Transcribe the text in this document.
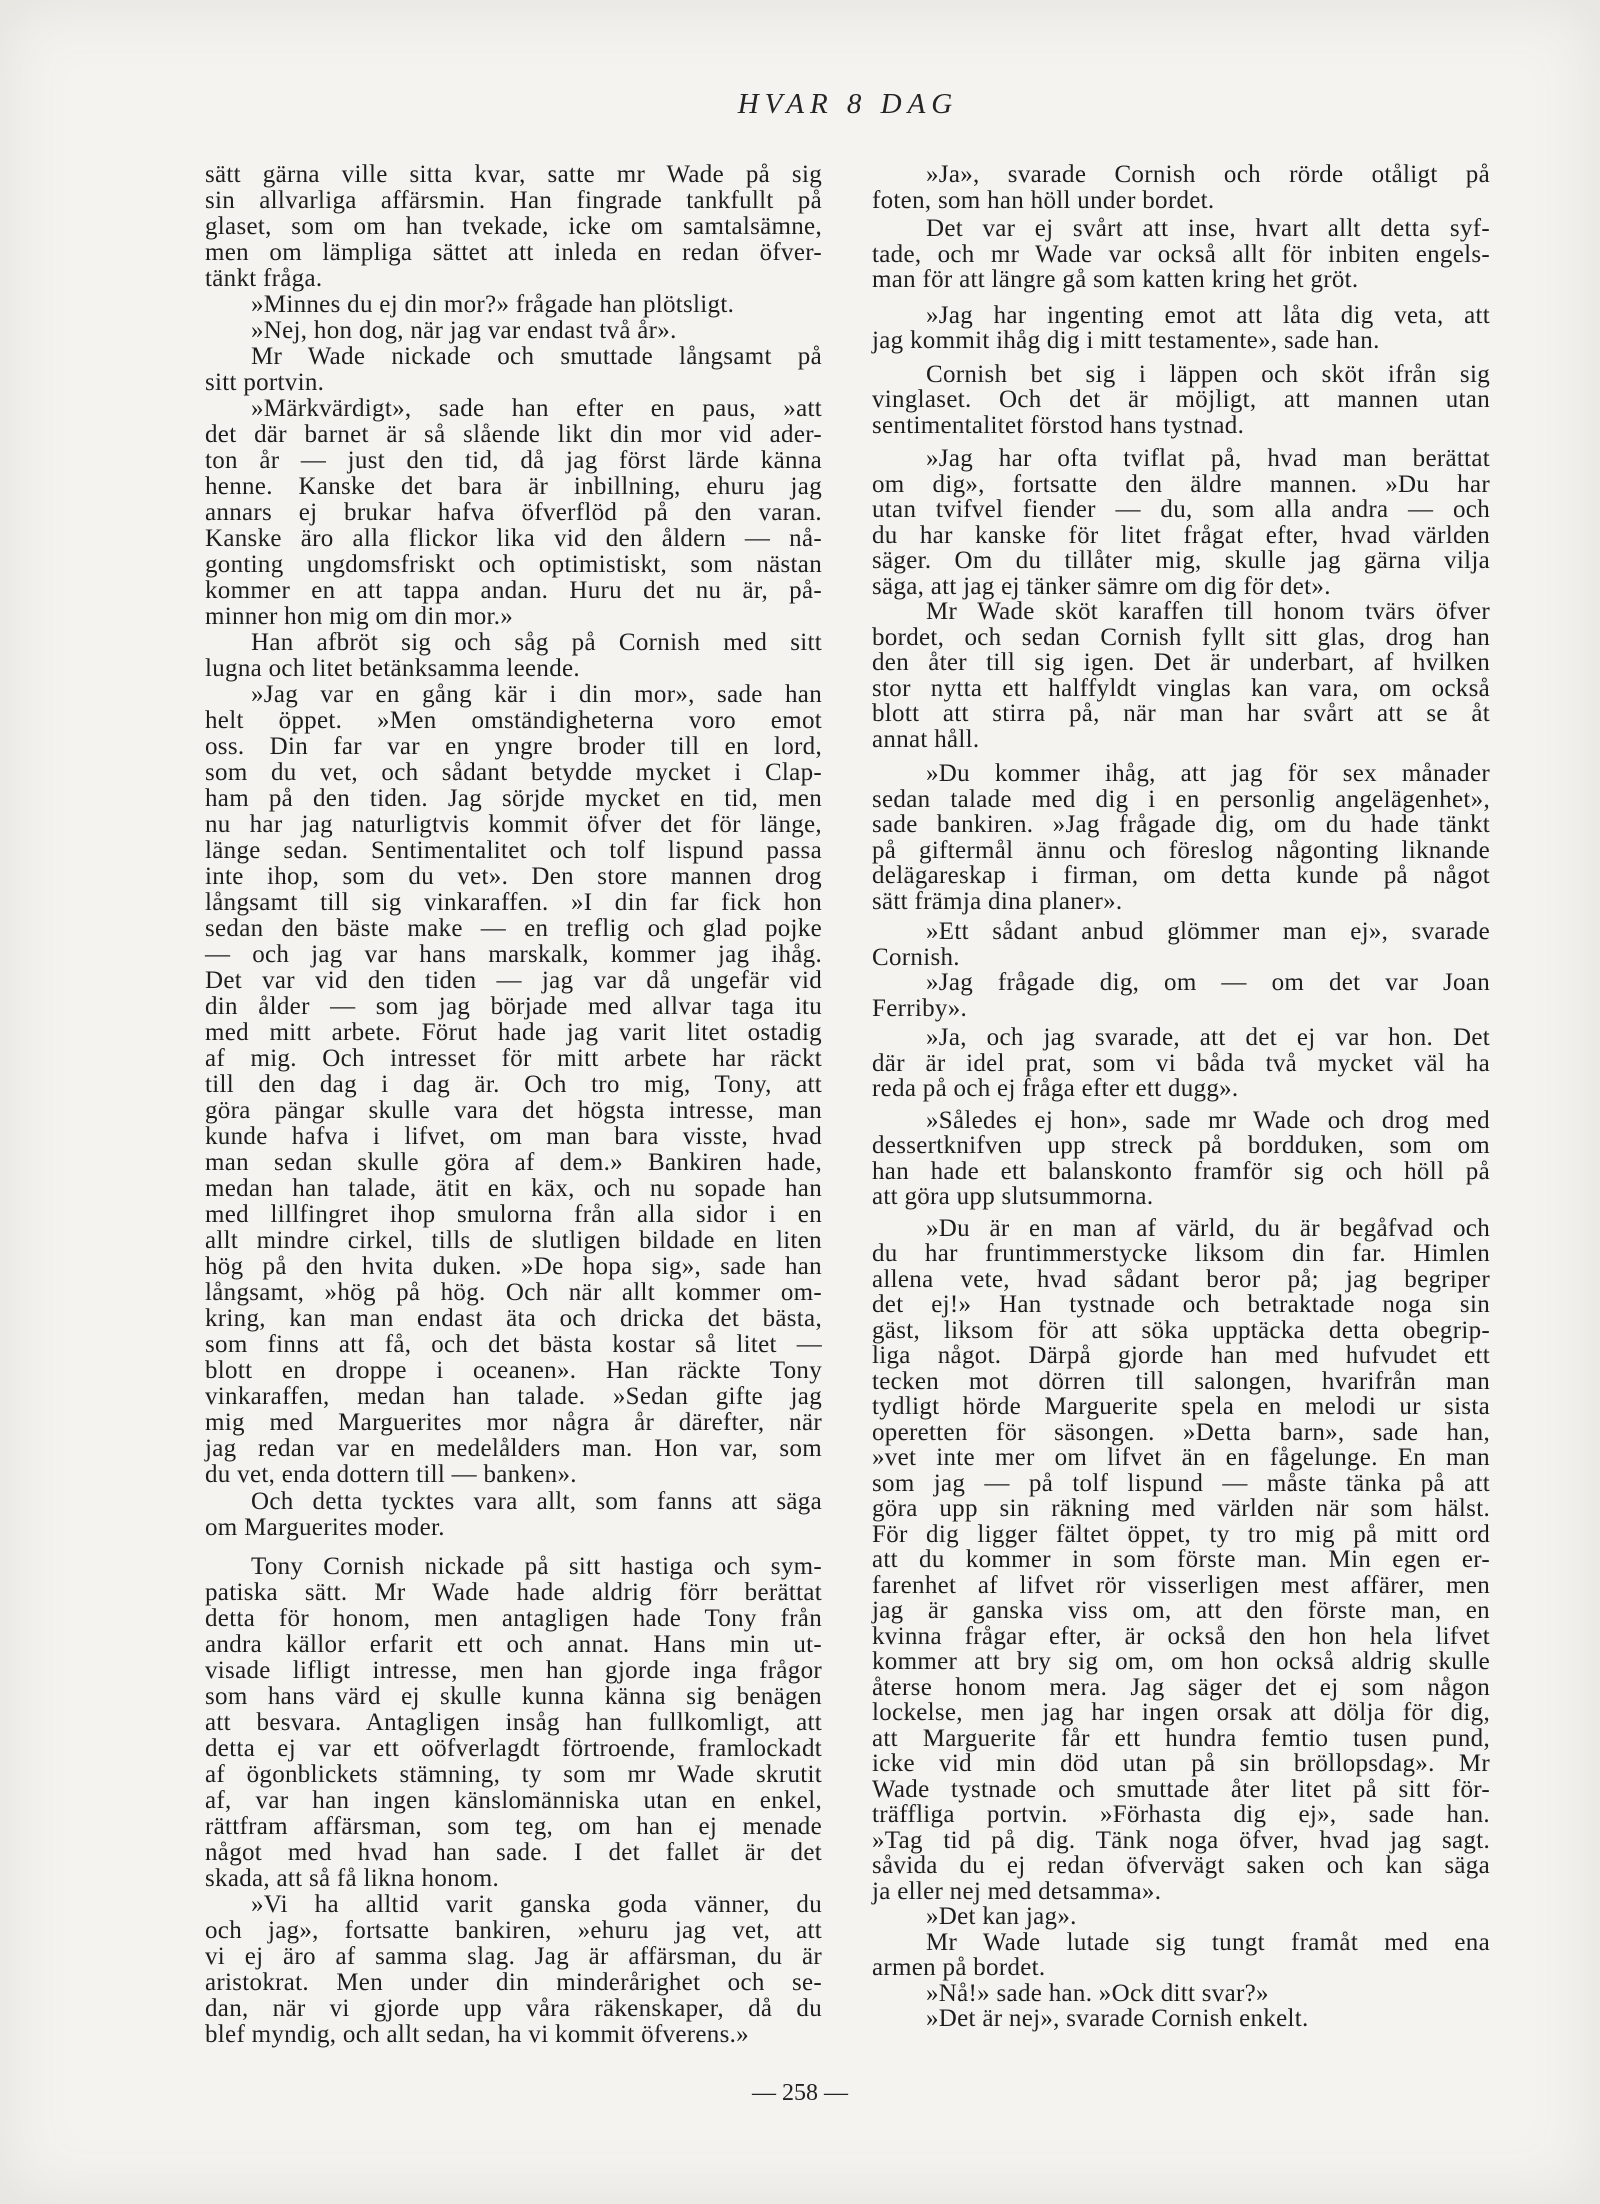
HVAR 8 DAG
sätt gärna ville sitta kvar, satte mr Wade på sig
sin allvarliga affärsmin. Han fingrade tankfullt på
glaset, som om han tvekade, icke om samtalsämne,
men om lämpliga sättet att inleda en redan öfver-
tänkt fråga.
»Minnes du ej din mor?» frågade han plötsligt.
»Nej, hon dog, när jag var endast två år».
Mr Wade nickade och smuttade långsamt på
sitt portvin.
»Märkvärdigt», sade han efter en paus, »att
det där barnet är så slående likt din mor vid ader-
ton år — just den tid, då jag först lärde känna
henne. Kanske det bara är inbillning, ehuru jag
annars ej brukar hafva öfverflöd på den varan.
Kanske äro alla flickor lika vid den åldern — nå-
gonting ungdomsfriskt och optimistiskt, som nästan
kommer en att tappa andan. Huru det nu är, på-
minner hon mig om din mor.»
Han afbröt sig och såg på Cornish med sitt
lugna och litet betänksamma leende.
»Jag var en gång kär i din mor», sade han
helt öppet. »Men omständigheterna voro emot
oss. Din far var en yngre broder till en lord,
som du vet, och sådant betydde mycket i Clap-
ham på den tiden. Jag sörjde mycket en tid, men
nu har jag naturligtvis kommit öfver det för länge,
länge sedan. Sentimentalitet och tolf lispund passa
inte ihop, som du vet». Den store mannen drog
långsamt till sig vinkaraffen. »I din far fick hon
sedan den bäste make — en treflig och glad pojke
— och jag var hans marskalk, kommer jag ihåg.
Det var vid den tiden — jag var då ungefär vid
din ålder — som jag började med allvar taga itu
med mitt arbete. Förut hade jag varit litet ostadig
af mig. Och intresset för mitt arbete har räckt
till den dag i dag är. Och tro mig, Tony, att
göra pängar skulle vara det högsta intresse, man
kunde hafva i lifvet, om man bara visste, hvad
man sedan skulle göra af dem.» Bankiren hade,
medan han talade, ätit en käx, och nu sopade han
med lillfingret ihop smulorna från alla sidor i en
allt mindre cirkel, tills de slutligen bildade en liten
hög på den hvita duken. »De hopa sig», sade han
långsamt, »hög på hög. Och när allt kommer om-
kring, kan man endast äta och dricka det bästa,
som finns att få, och det bästa kostar så litet —
blott en droppe i oceanen». Han räckte Tony
vinkaraffen, medan han talade. »Sedan gifte jag
mig med Marguerites mor några år därefter, när
jag redan var en medelålders man. Hon var, som
du vet, enda dottern till — banken».
Och detta tycktes vara allt, som fanns att säga
om Marguerites moder.
Tony Cornish nickade på sitt hastiga och sym-
patiska sätt. Mr Wade hade aldrig förr berättat
detta för honom, men antagligen hade Tony från
andra källor erfarit ett och annat. Hans min ut-
visade lifligt intresse, men han gjorde inga frågor
som hans värd ej skulle kunna känna sig benägen
att besvara. Antagligen insåg han fullkomligt, att
detta ej var ett oöfverlagdt förtroende, framlockadt
af ögonblickets stämning, ty som mr Wade skrutit
af, var han ingen känslomänniska utan en enkel,
rättfram affärsman, som teg, om han ej menade
något med hvad han sade. I det fallet är det
skada, att så få likna honom.
»Vi ha alltid varit ganska goda vänner, du
och jag», fortsatte bankiren, »ehuru jag vet, att
vi ej äro af samma slag. Jag är affärsman, du är
aristokrat. Men under din minderårighet och se-
dan, när vi gjorde upp våra räkenskaper, då du
blef myndig, och allt sedan, ha vi kommit öfverens.»
»Ja», svarade Cornish och rörde otåligt på
foten, som han höll under bordet.
Det var ej svårt att inse, hvart allt detta syf-
tade, och mr Wade var också allt för inbiten engels-
man för att längre gå som katten kring het gröt.
»Jag har ingenting emot att låta dig veta, att
jag kommit ihåg dig i mitt testamente», sade han.
Cornish bet sig i läppen och sköt ifrån sig
vinglaset. Och det är möjligt, att mannen utan
sentimentalitet förstod hans tystnad.
»Jag har ofta tviflat på, hvad man berättat
om dig», fortsatte den äldre mannen. »Du har
utan tvifvel fiender — du, som alla andra — och
du har kanske för litet frågat efter, hvad världen
säger. Om du tillåter mig, skulle jag gärna vilja
säga, att jag ej tänker sämre om dig för det».
Mr Wade sköt karaffen till honom tvärs öfver
bordet, och sedan Cornish fyllt sitt glas, drog han
den åter till sig igen. Det är underbart, af hvilken
stor nytta ett halffyldt vinglas kan vara, om också
blott att stirra på, när man har svårt att se åt
annat håll.
»Du kommer ihåg, att jag för sex månader
sedan talade med dig i en personlig angelägenhet»,
sade bankiren. »Jag frågade dig, om du hade tänkt
på giftermål ännu och föreslog någonting liknande
delägareskap i firman, om detta kunde på något
sätt främja dina planer».
»Ett sådant anbud glömmer man ej», svarade
Cornish.
»Jag frågade dig, om — om det var Joan
Ferriby».
»Ja, och jag svarade, att det ej var hon. Det
där är idel prat, som vi båda två mycket väl ha
reda på och ej fråga efter ett dugg».
»Således ej hon», sade mr Wade och drog med
dessertknifven upp streck på bordduken, som om
han hade ett balanskonto framför sig och höll på
att göra upp slutsummorna.
»Du är en man af värld, du är begåfvad och
du har fruntimmerstycke liksom din far. Himlen
allena vete, hvad sådant beror på; jag begriper
det ej!» Han tystnade och betraktade noga sin
gäst, liksom för att söka upptäcka detta obegrip-
liga något. Därpå gjorde han med hufvudet ett
tecken mot dörren till salongen, hvarifrån man
tydligt hörde Marguerite spela en melodi ur sista
operetten för säsongen. »Detta barn», sade han,
»vet inte mer om lifvet än en fågelunge. En man
som jag — på tolf lispund — måste tänka på att
göra upp sin räkning med världen när som hälst.
För dig ligger fältet öppet, ty tro mig på mitt ord
att du kommer in som förste man. Min egen er-
farenhet af lifvet rör visserligen mest affärer, men
jag är ganska viss om, att den förste man, en
kvinna frågar efter, är också den hon hela lifvet
kommer att bry sig om, om hon också aldrig skulle
återse honom mera. Jag säger det ej som någon
lockelse, men jag har ingen orsak att dölja för dig,
att Marguerite får ett hundra femtio tusen pund,
icke vid min död utan på sin bröllopsdag». Mr
Wade tystnade och smuttade åter litet på sitt för-
träffliga portvin. »Förhasta dig ej», sade han.
»Tag tid på dig. Tänk noga öfver, hvad jag sagt.
såvida du ej redan öfvervägt saken och kan säga
ja eller nej med detsamma».
»Det kan jag».
Mr Wade lutade sig tungt framåt med ena
armen på bordet.
»Nå!» sade han. »Ock ditt svar?»
»Det är nej», svarade Cornish enkelt.
— 258 —
